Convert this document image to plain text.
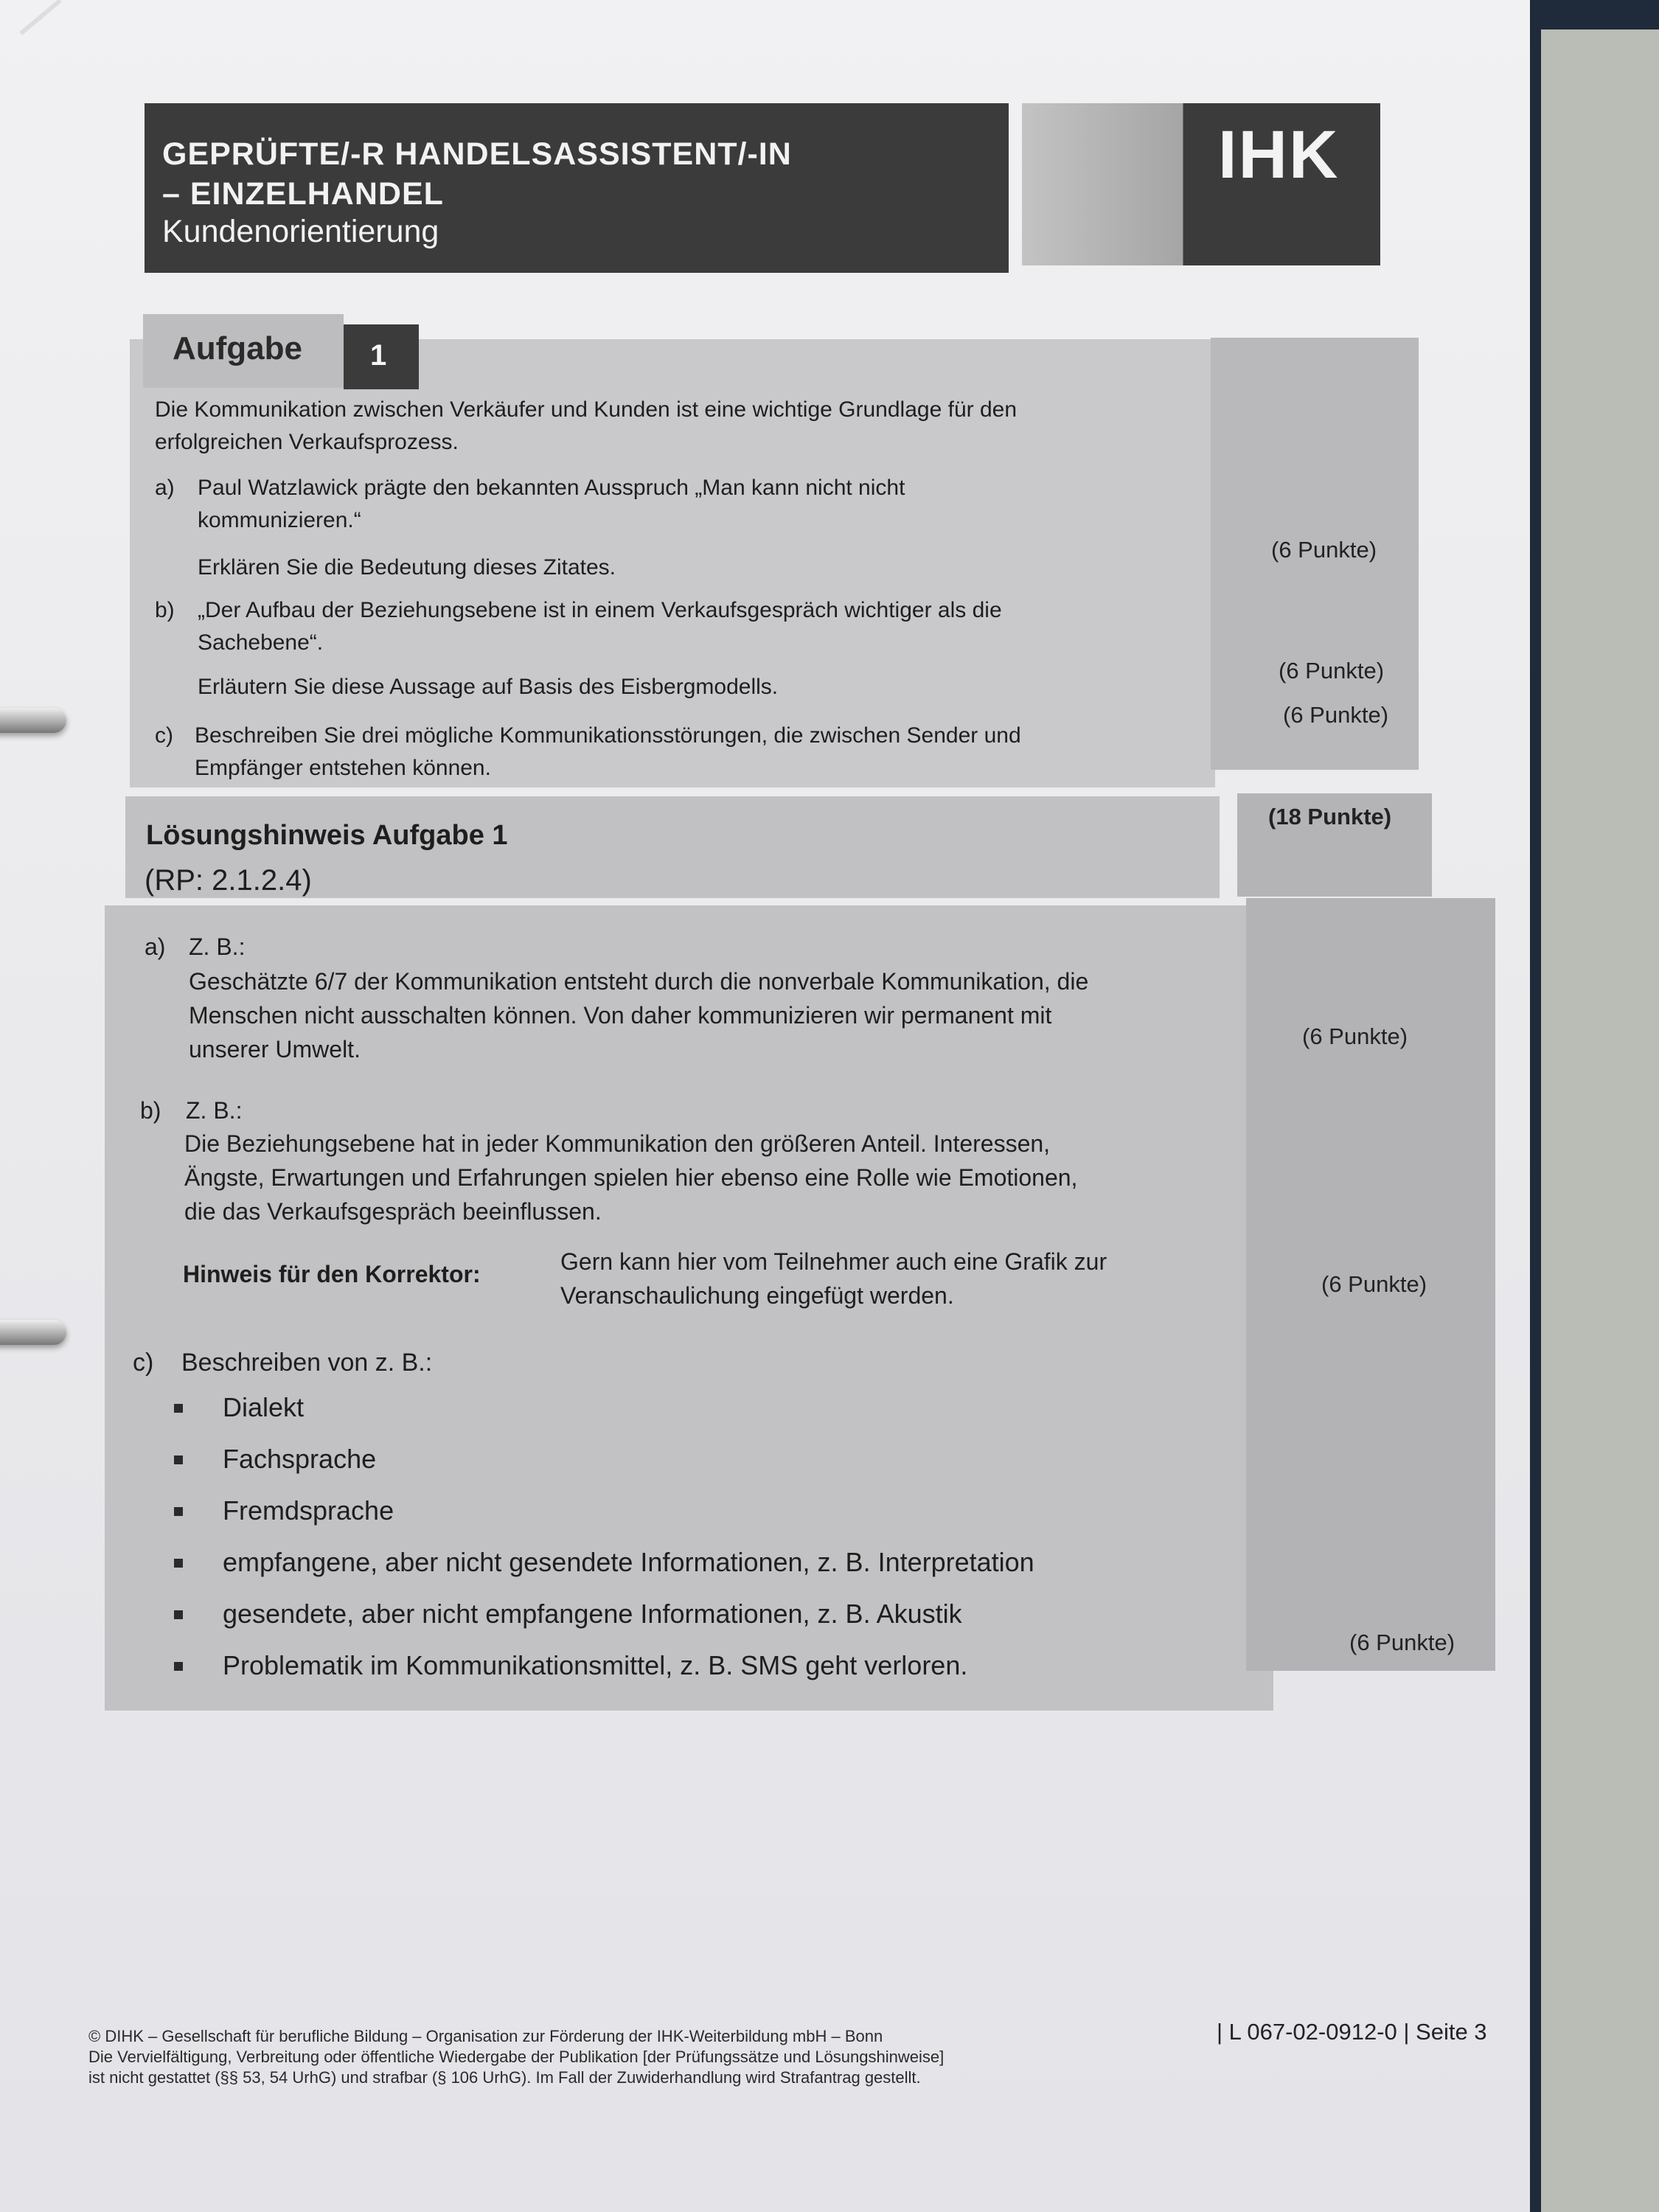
GEPRÜFTE/-R HANDELSASSISTENT/-IN
– EINZELHANDEL
Kundenorientierung
IHK
Aufgabe 1
Die Kommunikation zwischen Verkäufer und Kunden ist eine wichtige Grundlage für den
erfolgreichen Verkaufsprozess.
a) Paul Watzlawick prägte den bekannten Ausspruch „Man kann nicht nicht
kommunizieren.“
Erklären Sie die Bedeutung dieses Zitates.
(6 Punkte)
b) „Der Aufbau der Beziehungsebene ist in einem Verkaufsgespräch wichtiger als die
Sachebene“.
Erläutern Sie diese Aussage auf Basis des Eisbergmodells.
(6 Punkte)
c) Beschreiben Sie drei mögliche Kommunikationsstörungen, die zwischen Sender und
Empfänger entstehen können.
(6 Punkte)
(18 Punkte)
Lösungshinweis Aufgabe 1
(RP: 2.1.2.4)
a) Z. B.:
Geschätzte 6/7 der Kommunikation entsteht durch die nonverbale Kommunikation, die
Menschen nicht ausschalten können. Von daher kommunizieren wir permanent mit
unserer Umwelt.	(6 Punkte)
b) Z. B.:
Die Beziehungsebene hat in jeder Kommunikation den größeren Anteil. Interessen,
Ängste, Erwartungen und Erfahrungen spielen hier ebenso eine Rolle wie Emotionen,
die das Verkaufsgespräch beeinflussen.
Hinweis für den Korrektor:	Gern kann hier vom Teilnehmer auch eine Grafik zur
Veranschaulichung eingefügt werden.	(6 Punkte)
c) Beschreiben von z. B.:
Dialekt
Fachsprache
Fremdsprache
empfangene, aber nicht gesendete Informationen, z. B. Interpretation
gesendete, aber nicht empfangene Informationen, z. B. Akustik
Problematik im Kommunikationsmittel, z. B. SMS geht verloren.
(6 Punkte)
© DIHK – Gesellschaft für berufliche Bildung – Organisation zur Förderung der IHK-Weiterbildung mbH – Bonn
Die Vervielfältigung, Verbreitung oder öffentliche Wiedergabe der Publikation [der Prüfungssätze und Lösungshinweise]
ist nicht gestattet (§§ 53, 54 UrhG) und strafbar (§ 106 UrhG). Im Fall der Zuwiderhandlung wird Strafantrag gestellt.
| L 067-02-0912-0 | Seite 3
